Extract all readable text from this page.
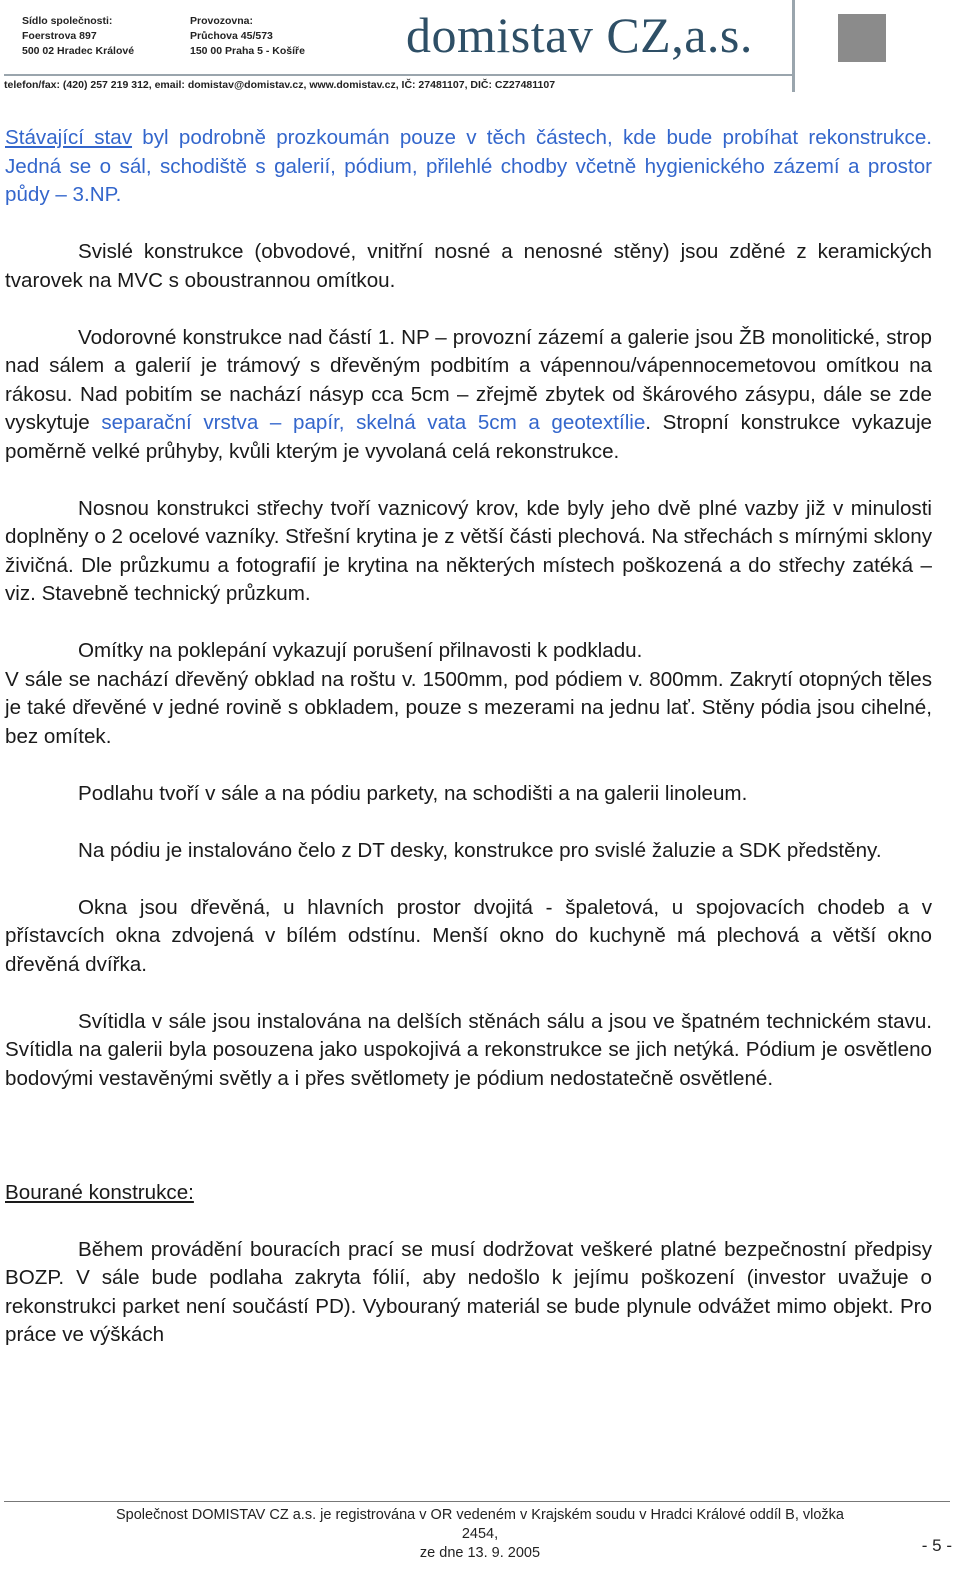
Sídlo společnosti:
Foerstrova 897
500 02 Hradec Králové
Provozovna:
Průchova 45/573
150 00 Praha 5 - Košíře domistav CZ,a.s.
telefon/fax: (420) 257 219 312, email: domistav@domistav.cz, www.domistav.cz, IČ: 27481107, DIČ: CZ27481107

Stávající stav byl podrobně prozkoumán pouze v těch částech, kde bude probíhat rekonstrukce. Jedná se o sál, schodiště s galerií, pódium, přilehlé chodby včetně hygienického zázemí a prostor půdy – 3.NP.

Svislé konstrukce (obvodové, vnitřní nosné a nenosné stěny) jsou zděné z keramických tvarovek na MVC s oboustrannou omítkou.

Vodorovné konstrukce nad částí 1. NP – provozní zázemí a galerie jsou ŽB monolitické, strop nad sálem a galerií je trámový s dřevěným podbitím a vápennou/vápennocemetovou omítkou na rákosu. Nad pobitím se nachází násyp cca 5cm – zřejmě zbytek od škárového zásypu, dále se zde vyskytuje separační vrstva – papír, skelná vata 5cm a geotextílie. Stropní konstrukce vykazuje poměrně velké průhyby, kvůli kterým je vyvolaná celá rekonstrukce.

Nosnou konstrukci střechy tvoří vaznicový krov, kde byly jeho dvě plné vazby již v minulosti doplněny o 2 ocelové vazníky. Střešní krytina je z větší části plechová. Na střechách s mírnými sklony živičná. Dle průzkumu a fotografií je krytina na některých místech poškozená a do střechy zatéká – viz. Stavebně technický průzkum.

Omítky na poklepání vykazují porušení přilnavosti k podkladu.
V sále se nachází dřevěný obklad na roštu v. 1500mm, pod pódiem v. 800mm. Zakrytí otopných těles je také dřevěné v jedné rovině s obkladem, pouze s mezerami na jednu lať. Stěny pódia jsou cihelné, bez omítek.

Podlahu tvoří v sále a na pódiu parkety, na schodišti a na galerii linoleum.

Na pódiu je instalováno čelo z DT desky, konstrukce pro svislé žaluzie a SDK předstěny.

Okna jsou dřevěná, u hlavních prostor dvojitá - špaletová, u spojovacích chodeb a v přístavcích okna zdvojená v bílém odstínu. Menší okno do kuchyně má plechová a větší okno dřevěná dvířka.

Svítidla v sále jsou instalována na delších stěnách sálu a jsou ve špatném technickém stavu. Svítidla na galerii byla posouzena jako uspokojivá a rekonstrukce se jich netýká. Pódium je osvětleno bodovými vestavěnými světly a i přes světlomety je pódium nedostatečně osvětlené.

Bourané konstrukce:

Během provádění bouracích prací se musí dodržovat veškeré platné bezpečnostní předpisy BOZP. V sále bude podlaha zakryta fólií, aby nedošlo k jejímu poškození (investor uvažuje o rekonstrukci parket není součástí PD). Vybouraný materiál se bude plynule odvážet mimo objekt. Pro práce ve výškách

Společnost DOMISTAV CZ a.s. je registrována v OR vedeném v Krajském soudu v Hradci Králové oddíl B, vložka
2454,
ze dne 13. 9. 2005	- 5 -
